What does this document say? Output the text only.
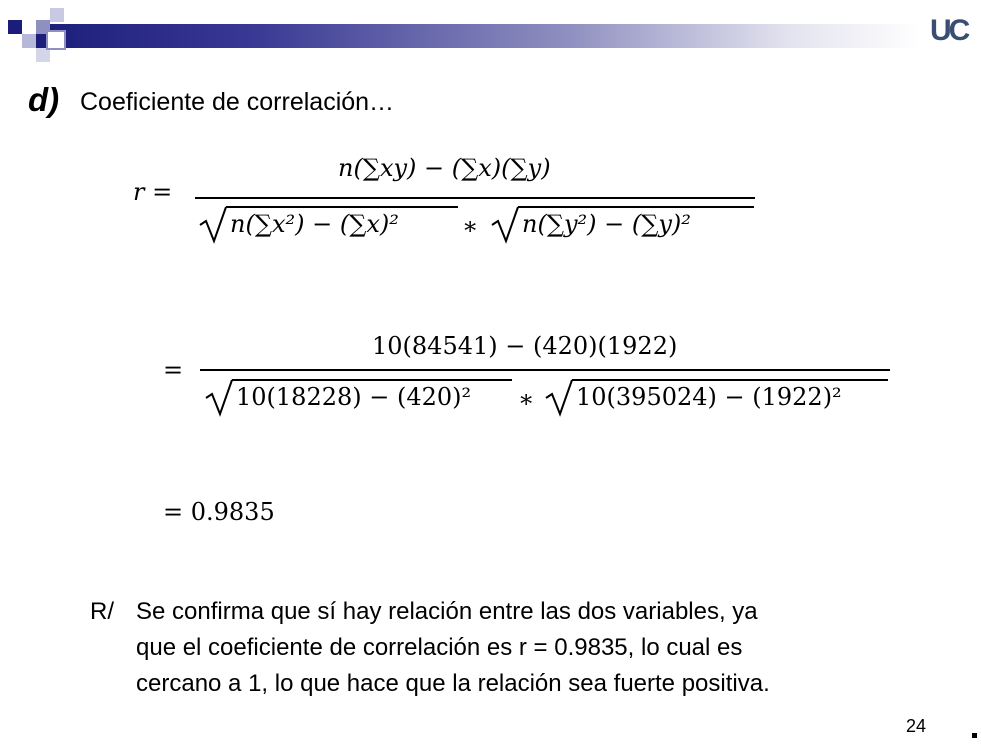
UC
d) Coeficiente de correlación…
r =
n(∑xy) − (∑x)(∑y)
n(∑x²) − (∑x)²	∗ n(∑y²) − (∑y)²
=
10(84541) − (420)(1922)
10(18228) − (420)² ∗ 10(395024) − (1922)²
= 0.9835
R/ Se confirma que sí hay relación entre las dos variables, ya
que el coeficiente de correlación es r = 0.9835, lo cual es
cercano a 1, lo que hace que la relación sea fuerte positiva.
24
